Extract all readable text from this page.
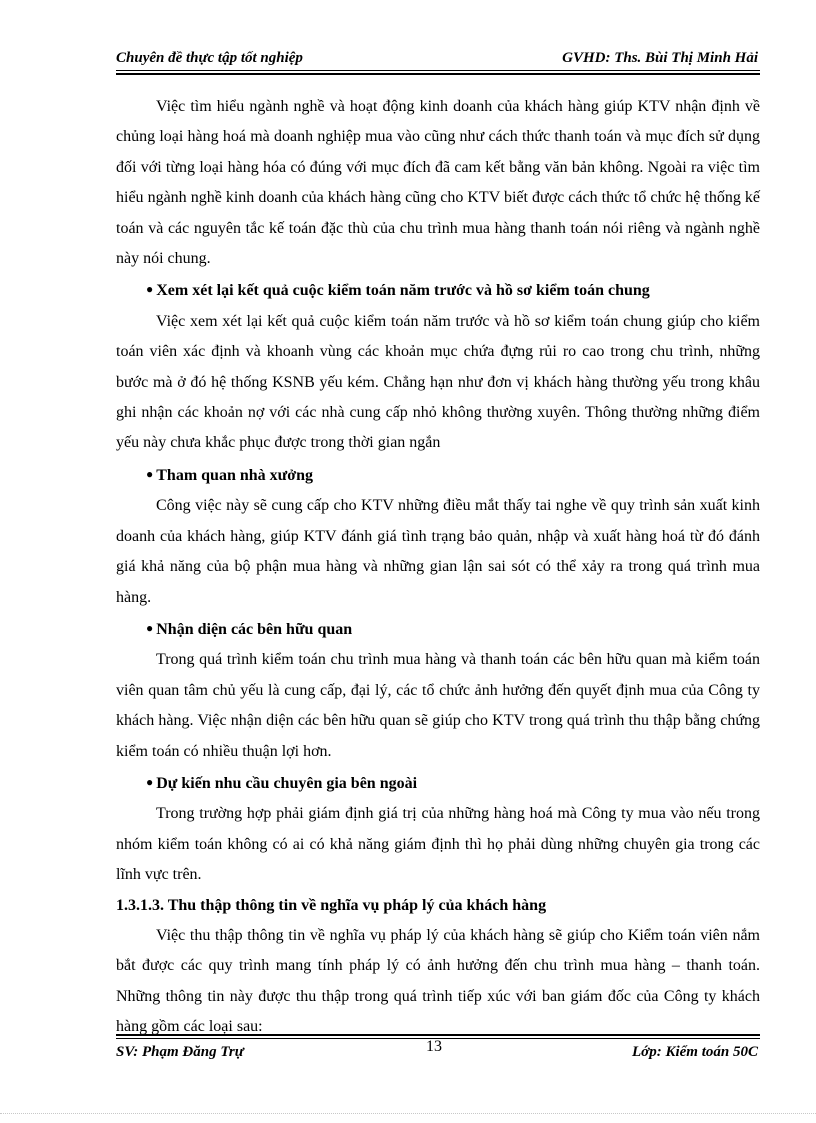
Chuyên đề thực tập tốt nghiệp	GVHD: Ths. Bùi Thị Minh Hải

Việc tìm hiểu ngành nghề và hoạt động kinh doanh của khách hàng giúp KTV nhận định về chủng loại hàng hoá mà doanh nghiệp mua vào cũng như cách thức thanh toán và mục đích sử dụng đối với từng loại hàng hóa có đúng với mục đích đã cam kết bằng văn bản không. Ngoài ra việc tìm hiểu ngành nghề kinh doanh của khách hàng cũng cho KTV biết được cách thức tổ chức hệ thống kế toán và các nguyên tắc kế toán đặc thù của chu trình mua hàng thanh toán nói riêng và ngành nghề này nói chung.

● Xem xét lại kết quả cuộc kiểm toán năm trước và hồ sơ kiểm toán chung

Việc xem xét lại kết quả cuộc kiểm toán năm trước và hồ sơ kiểm toán chung giúp cho kiểm toán viên xác định và khoanh vùng các khoản mục chứa đựng rủi ro cao trong chu trình, những bước mà ở đó hệ thống KSNB yếu kém. Chẳng hạn như đơn vị khách hàng thường yếu trong khâu ghi nhận các khoản nợ với các nhà cung cấp nhỏ không thường xuyên. Thông thường những điểm yếu này chưa khắc phục được trong thời gian ngắn

● Tham quan nhà xưởng

Công việc này sẽ cung cấp cho KTV những điều mắt thấy tai nghe về quy trình sản xuất kinh doanh của khách hàng, giúp KTV đánh giá tình trạng bảo quản, nhập và xuất hàng hoá từ đó đánh giá khả năng của bộ phận mua hàng và những gian lận sai sót có thể xảy ra trong quá trình mua hàng.

● Nhận diện các bên hữu quan

Trong quá trình kiểm toán chu trình mua hàng và thanh toán các bên hữu quan mà kiểm toán viên quan tâm chủ yếu là cung cấp, đại lý, các tổ chức ảnh hưởng đến quyết định mua của Công ty khách hàng. Việc nhận diện các bên hữu quan sẽ giúp cho KTV trong quá trình thu thập bằng chứng kiểm toán có nhiều thuận lợi hơn.

● Dự kiến nhu cầu chuyên gia bên ngoài

Trong trường hợp phải giám định giá trị của những hàng hoá mà Công ty mua vào nếu trong nhóm kiểm toán không có ai có khả năng giám định thì họ phải dùng những chuyên gia trong các lĩnh vực trên.

1.3.1.3. Thu thập thông tin về nghĩa vụ pháp lý của khách hàng

Việc thu thập thông tin về nghĩa vụ pháp lý của khách hàng sẽ giúp cho Kiểm toán viên nắm bắt được các quy trình mang tính pháp lý có ảnh hưởng đến chu trình mua hàng – thanh toán. Những thông tin này được thu thập trong quá trình tiếp xúc với ban giám đốc của Công ty khách hàng gồm các loại sau:

SV: Phạm Đăng Trự	13	Lớp: Kiểm toán 50C
